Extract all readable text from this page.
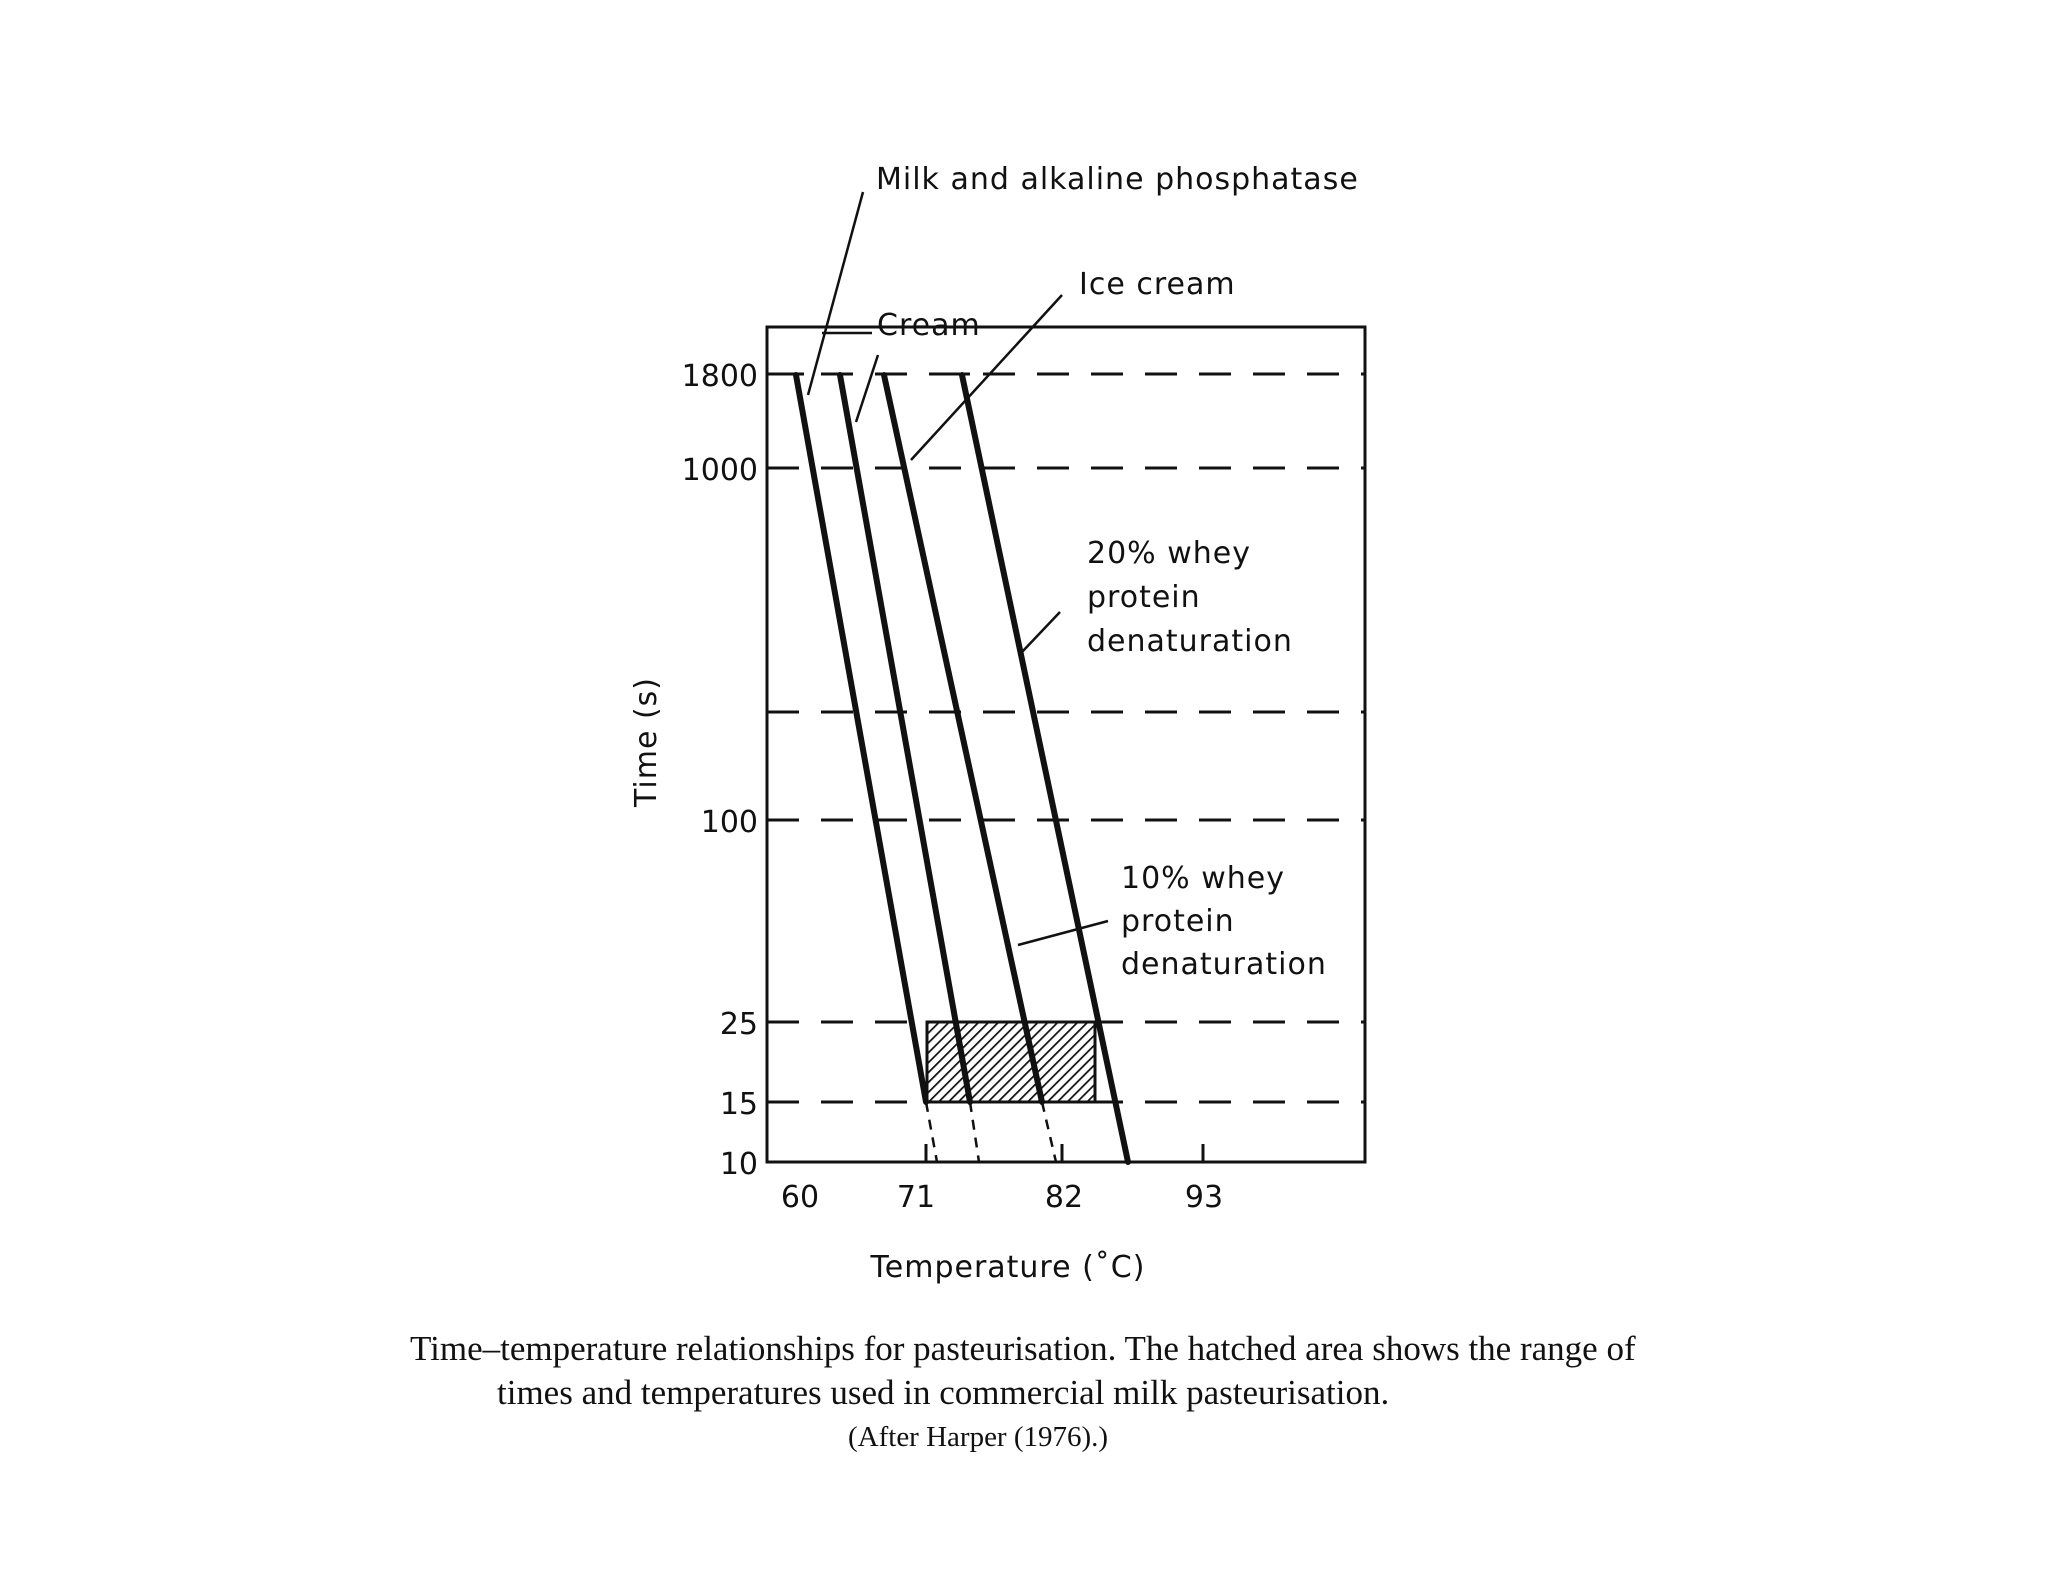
1800
1000
100
25
15
10
60	71	82	93
Temperature (˚C)
Time (s)
Milk and alkaline phosphatase
Cream
Ice cream
20% whey
protein
denaturation
10% whey
protein
denaturation
Time–temperature relationships for pasteurisation. The hatched area shows the range of
times and temperatures used in commercial milk pasteurisation.
(After Harper (1976).)
